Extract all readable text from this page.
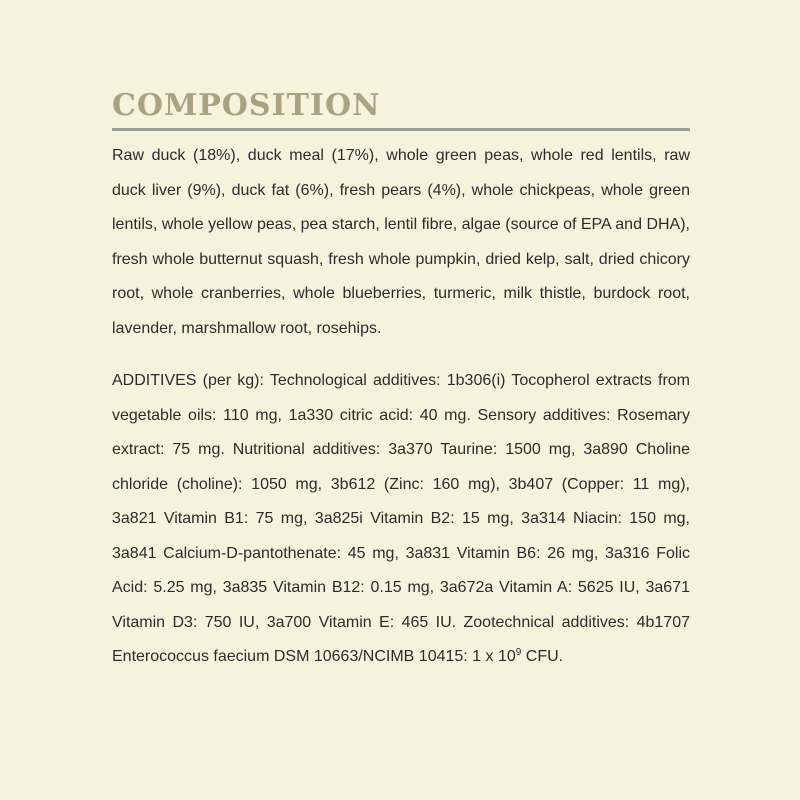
COMPOSITION

Raw duck (18%), duck meal (17%), whole green peas, whole red lentils, raw duck liver (9%), duck fat (6%), fresh pears (4%), whole chickpeas, whole green lentils, whole yellow peas, pea starch, lentil fibre, algae (source of EPA and DHA), fresh whole butternut squash, fresh whole pumpkin, dried kelp, salt, dried chicory root, whole cranberries, whole blueberries, turmeric, milk thistle, burdock root, lavender, marshmallow root, rosehips.

ADDITIVES (per kg): Technological additives: 1b306(i) Tocopherol extracts from vegetable oils: 110 mg, 1a330 citric acid: 40 mg. Sensory additives: Rosemary extract: 75 mg. Nutritional additives: 3a370 Taurine: 1500 mg, 3a890 Choline chloride (choline): 1050 mg, 3b612 (Zinc: 160 mg), 3b407 (Copper: 11 mg), 3a821 Vitamin B1: 75 mg, 3a825i Vitamin B2: 15 mg, 3a314 Niacin: 150 mg, 3a841 Calcium-D-pantothenate: 45 mg, 3a831 Vitamin B6: 26 mg, 3a316 Folic Acid: 5.25 mg, 3a835 Vitamin B12: 0.15 mg, 3a672a Vitamin A: 5625 IU, 3a671 Vitamin D3: 750 IU, 3a700 Vitamin E: 465 IU. Zootechnical additives: 4b1707 Enterococcus faecium DSM 10663/NCIMB 10415: 1 x $10^9$ CFU.
